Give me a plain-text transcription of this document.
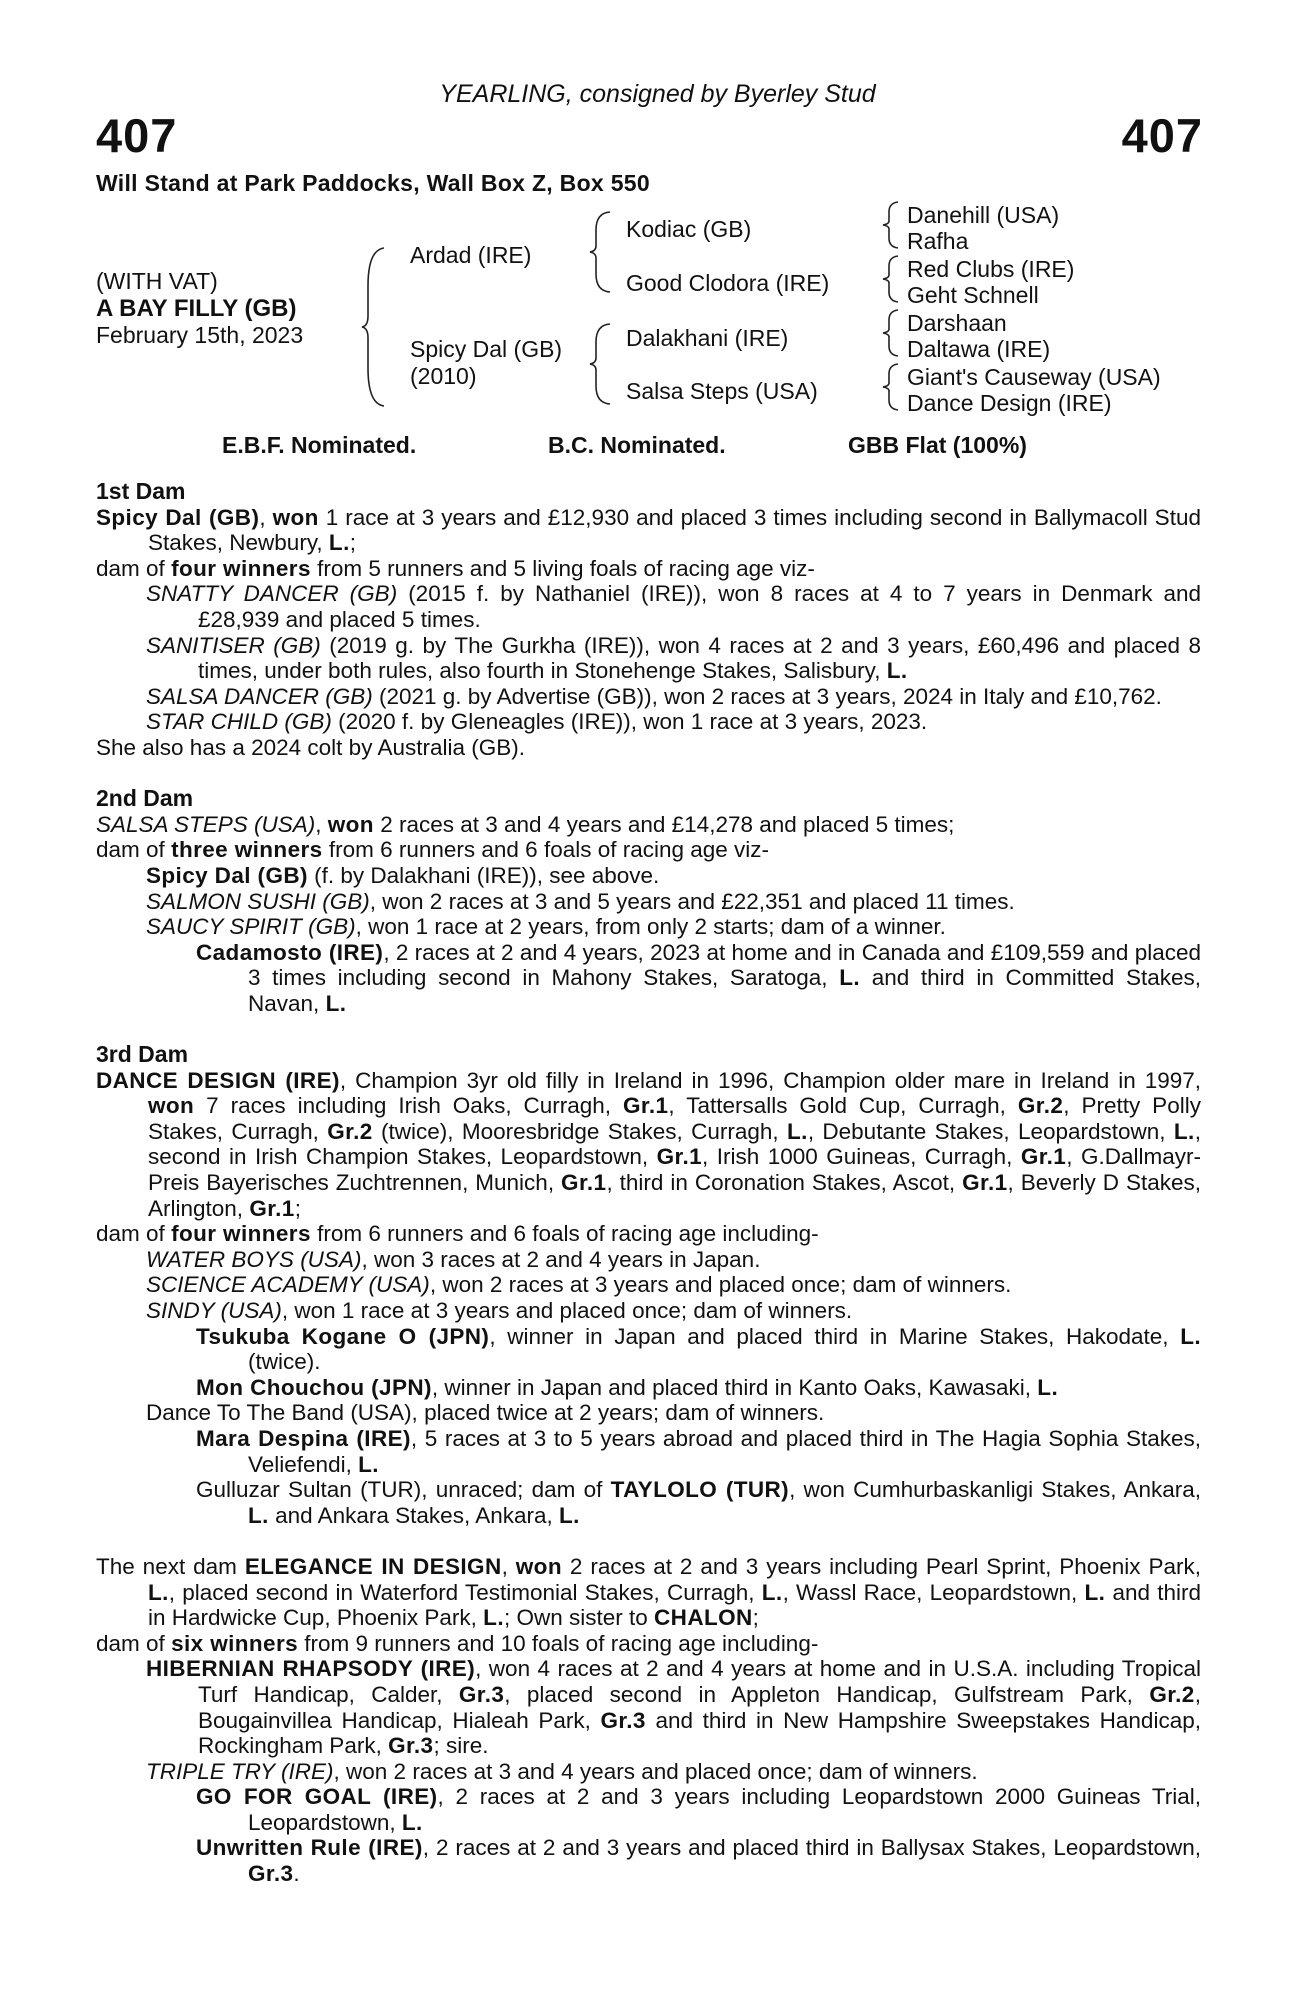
YEARLING, consigned by Byerley Stud
407	407
Will Stand at Park Paddocks, Wall Box Z, Box 550
(WITH VAT)
A BAY FILLY (GB)
February 15th, 2023
Ardad (IRE)
Spicy Dal (GB)
(2010)
Kodiac (GB)
Good Clodora (IRE)
Dalakhani (IRE)
Salsa Steps (USA)
Danehill (USA)
Rafha
Red Clubs (IRE)
Geht Schnell
Darshaan
Daltawa (IRE)
Giant's Causeway (USA)
Dance Design (IRE)
E.B.F. Nominated.	B.C. Nominated.	GBB Flat (100%)

1st Dam

Spicy Dal (GB), won 1 race at 3 years and £12,930 and placed 3 times including second in Ballymacoll Stud Stakes, Newbury, L.;

dam of four winners from 5 runners and 5 living foals of racing age viz-

SNATTY DANCER (GB) (2015 f. by Nathaniel (IRE)), won 8 races at 4 to 7 years in Denmark and £28,939 and placed 5 times.

SANITISER (GB) (2019 g. by The Gurkha (IRE)), won 4 races at 2 and 3 years, £60,496 and placed 8 times, under both rules, also fourth in Stonehenge Stakes, Salisbury, L.

SALSA DANCER (GB) (2021 g. by Advertise (GB)), won 2 races at 3 years, 2024 in Italy and £10,762.

STAR CHILD (GB) (2020 f. by Gleneagles (IRE)), won 1 race at 3 years, 2023.

She also has a 2024 colt by Australia (GB).

2nd Dam

SALSA STEPS (USA), won 2 races at 3 and 4 years and £14,278 and placed 5 times;

dam of three winners from 6 runners and 6 foals of racing age viz-

Spicy Dal (GB) (f. by Dalakhani (IRE)), see above.

SALMON SUSHI (GB), won 2 races at 3 and 5 years and £22,351 and placed 11 times.

SAUCY SPIRIT (GB), won 1 race at 2 years, from only 2 starts; dam of a winner.

Cadamosto (IRE), 2 races at 2 and 4 years, 2023 at home and in Canada and £109,559 and placed 3 times including second in Mahony Stakes, Saratoga, L. and third in Committed Stakes, Navan, L.

3rd Dam

DANCE DESIGN (IRE), Champion 3yr old filly in Ireland in 1996, Champion older mare in Ireland in 1997, won 7 races including Irish Oaks, Curragh, Gr.1, Tattersalls Gold Cup, Curragh, Gr.2, Pretty Polly Stakes, Curragh, Gr.2 (twice), Mooresbridge Stakes, Curragh, L., Debutante Stakes, Leopardstown, L., second in Irish Champion Stakes, Leopardstown, Gr.1, Irish 1000 Guineas, Curragh, Gr.1, G.Dallmayr-Preis Bayerisches Zuchtrennen, Munich, Gr.1, third in Coronation Stakes, Ascot, Gr.1, Beverly D Stakes, Arlington, Gr.1;

dam of four winners from 6 runners and 6 foals of racing age including-

WATER BOYS (USA), won 3 races at 2 and 4 years in Japan.

SCIENCE ACADEMY (USA), won 2 races at 3 years and placed once; dam of winners.

SINDY (USA), won 1 race at 3 years and placed once; dam of winners.

Tsukuba Kogane O (JPN), winner in Japan and placed third in Marine Stakes, Hakodate, L. (twice).

Mon Chouchou (JPN), winner in Japan and placed third in Kanto Oaks, Kawasaki, L.

Dance To The Band (USA), placed twice at 2 years; dam of winners.

Mara Despina (IRE), 5 races at 3 to 5 years abroad and placed third in The Hagia Sophia Stakes, Veliefendi, L.

Gulluzar Sultan (TUR), unraced; dam of TAYLOLO (TUR), won Cumhurbaskanligi Stakes, Ankara, L. and Ankara Stakes, Ankara, L.

The next dam ELEGANCE IN DESIGN, won 2 races at 2 and 3 years including Pearl Sprint, Phoenix Park, L., placed second in Waterford Testimonial Stakes, Curragh, L., Wassl Race, Leopardstown, L. and third in Hardwicke Cup, Phoenix Park, L.; Own sister to CHALON;

dam of six winners from 9 runners and 10 foals of racing age including-

HIBERNIAN RHAPSODY (IRE), won 4 races at 2 and 4 years at home and in U.S.A. including Tropical Turf Handicap, Calder, Gr.3, placed second in Appleton Handicap, Gulfstream Park, Gr.2, Bougainvillea Handicap, Hialeah Park, Gr.3 and third in New Hampshire Sweepstakes Handicap, Rockingham Park, Gr.3; sire.

TRIPLE TRY (IRE), won 2 races at 3 and 4 years and placed once; dam of winners.

GO FOR GOAL (IRE), 2 races at 2 and 3 years including Leopardstown 2000 Guineas Trial, Leopardstown, L.

Unwritten Rule (IRE), 2 races at 2 and 3 years and placed third in Ballysax Stakes, Leopardstown, Gr.3.
